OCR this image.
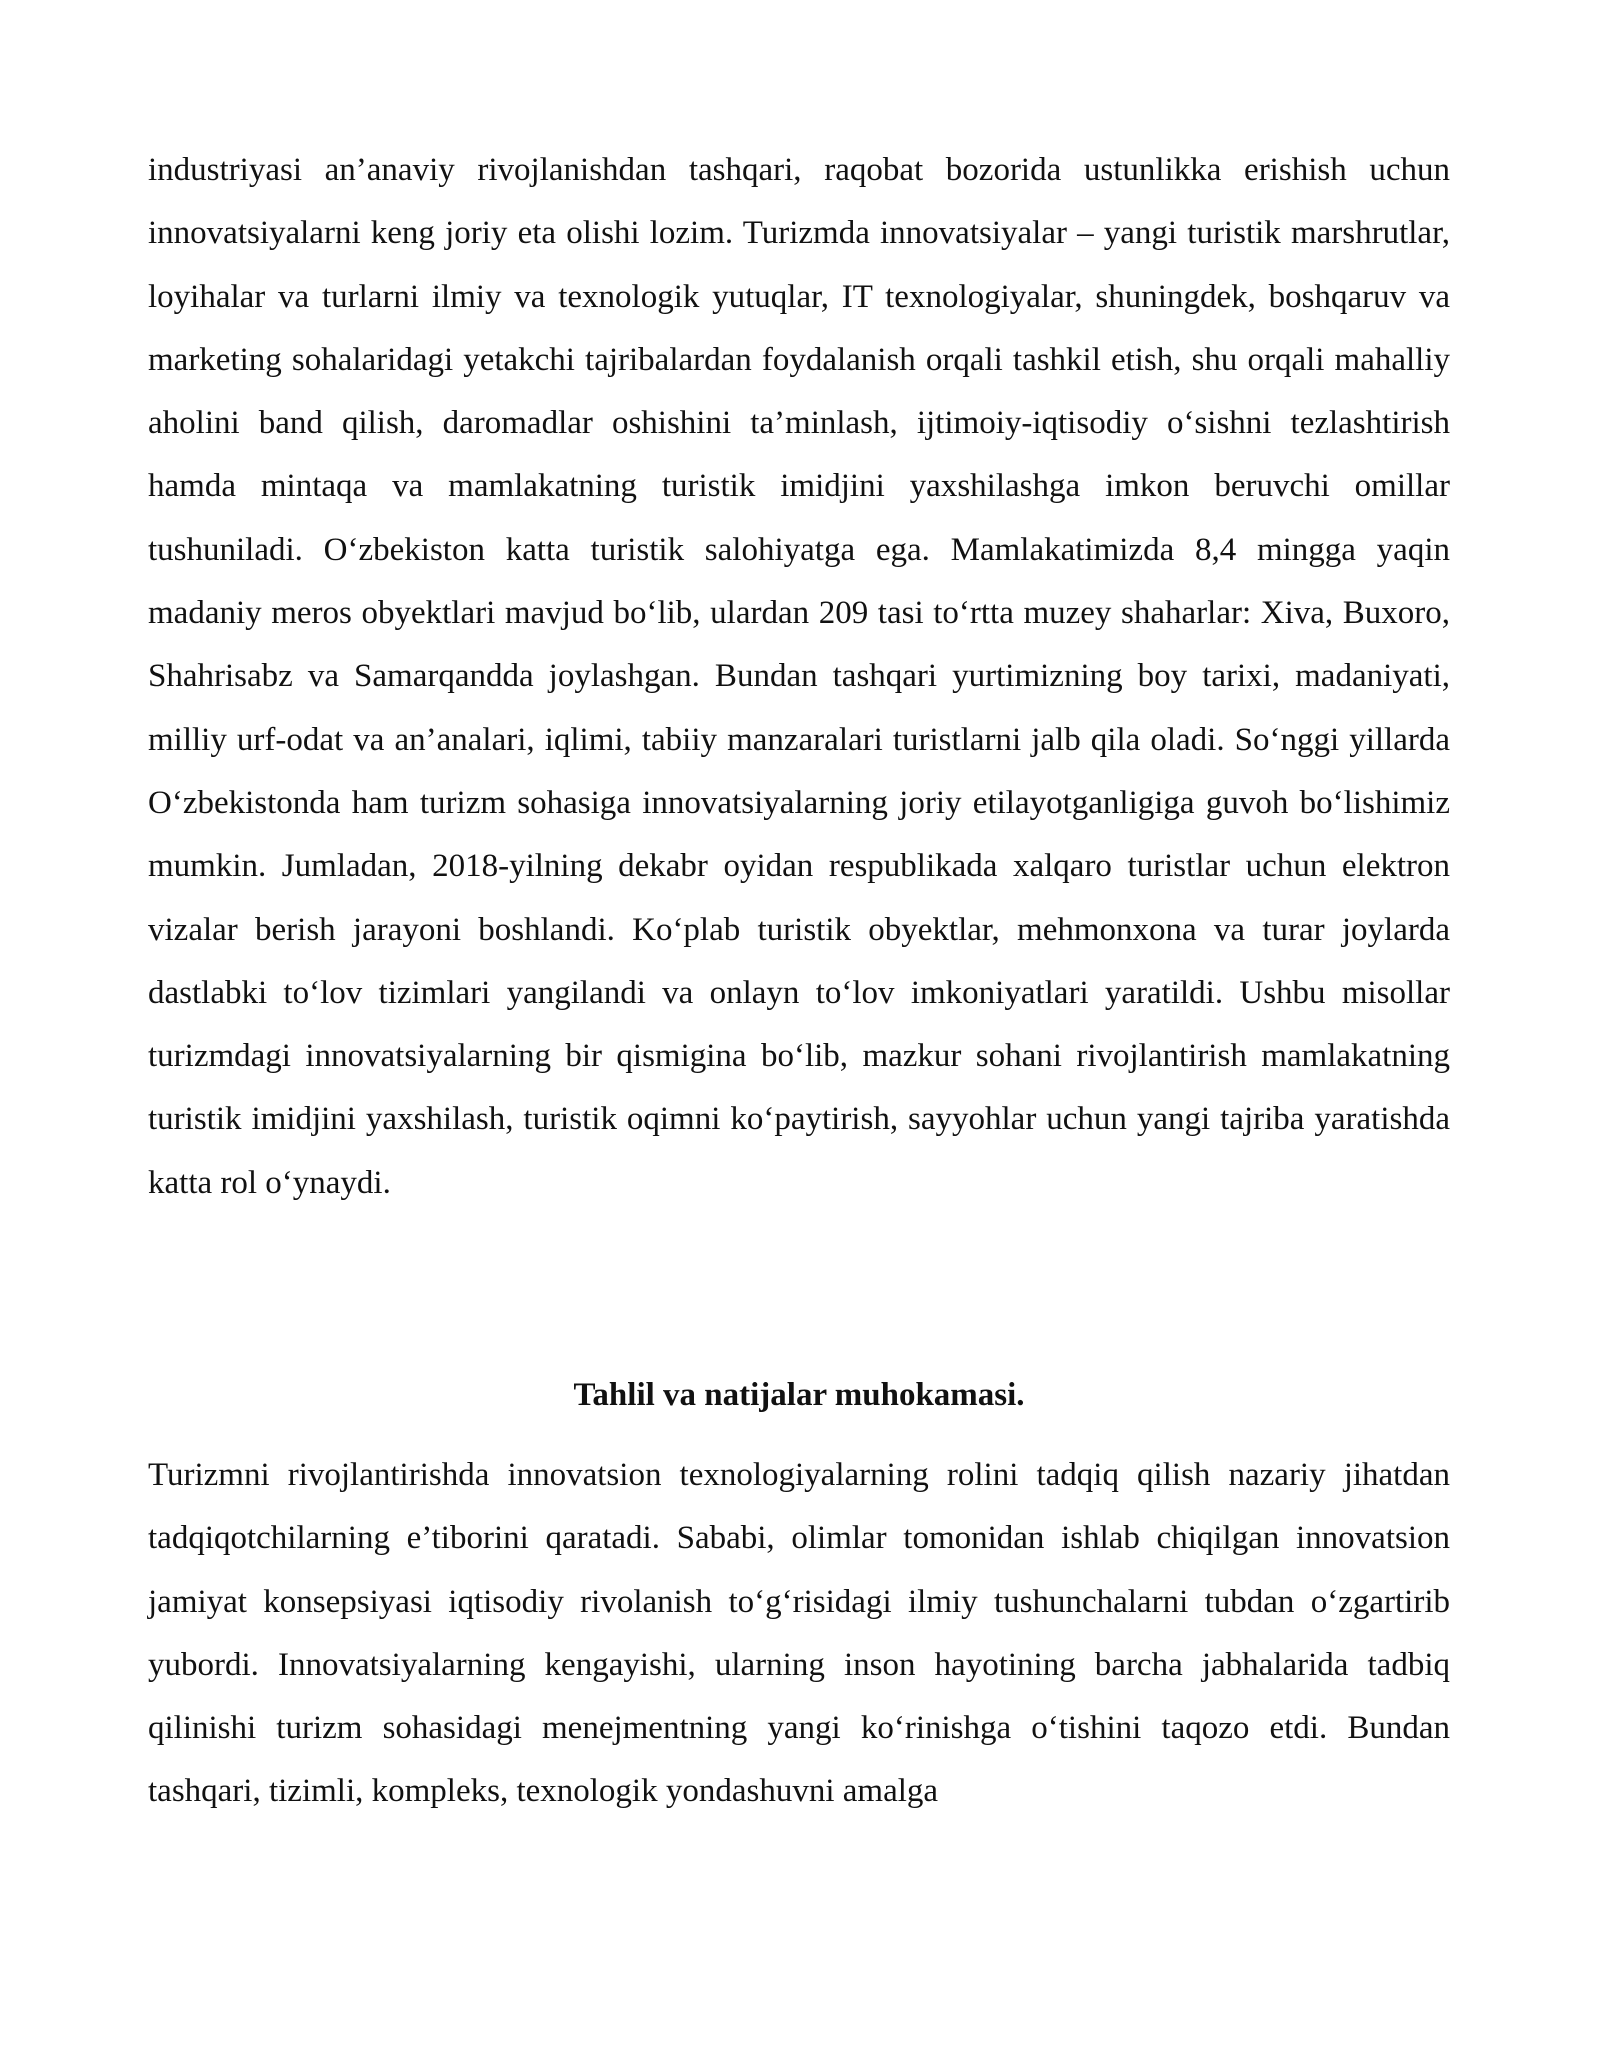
industriyasi an’anaviy rivojlanishdan tashqari, raqobat bozorida ustunlikka erishish uchun innovatsiyalarni keng joriy eta olishi lozim. Turizmda innovatsiyalar – yangi turistik marshrutlar, loyihalar va turlarni ilmiy va texnologik yutuqlar, IT texnologiyalar, shuningdek, boshqaruv va marketing sohalaridagi yetakchi tajribalardan foydalanish orqali tashkil etish, shu orqali mahalliy aholini band qilish, daromadlar oshishini ta’minlash, ijtimoiy-iqtisodiy o‘sishni tezlashtirish hamda mintaqa va mamlakatning turistik imidjini yaxshilashga imkon beruvchi omillar tushuniladi. O‘zbekiston katta turistik salohiyatga ega. Mamlakatimizda 8,4 mingga yaqin madaniy meros obyektlari mavjud bo‘lib, ulardan 209 tasi to‘rtta muzey shaharlar: Xiva, Buxoro, Shahrisabz va Samarqandda joylashgan. Bundan tashqari yurtimizning boy tarixi, madaniyati, milliy urf-odat va an’analari, iqlimi, tabiiy manzaralari turistlarni jalb qila oladi. So‘nggi yillarda O‘zbekistonda ham turizm sohasiga innovatsiyalarning joriy etilayotganligiga guvoh bo‘lishimiz mumkin. Jumladan, 2018-yilning dekabr oyidan respublikada xalqaro turistlar uchun elektron vizalar berish jarayoni boshlandi. Ko‘plab turistik obyektlar, mehmonxona va turar joylarda dastlabki to‘lov tizimlari yangilandi va onlayn to‘lov imkoniyatlari yaratildi. Ushbu misollar turizmdagi innovatsiyalarning bir qismigina bo‘lib, mazkur sohani rivojlantirish mamlakatning turistik imidjini yaxshilash, turistik oqimni ko‘paytirish, sayyohlar uchun yangi tajriba yaratishda katta rol o‘ynaydi.

Tahlil va natijalar muhokamasi.

Turizmni rivojlantirishda innovatsion texnologiyalarning rolini tadqiq qilish nazariy jihatdan tadqiqotchilarning e’tiborini qaratadi. Sababi, olimlar tomonidan ishlab chiqilgan innovatsion jamiyat konsepsiyasi iqtisodiy rivolanish to‘g‘risidagi ilmiy tushunchalarni tubdan o‘zgartirib yubordi. Innovatsiyalarning kengayishi, ularning inson hayotining barcha jabhalarida tadbiq qilinishi turizm sohasidagi menejmentning yangi ko‘rinishga o‘tishini taqozo etdi. Bundan tashqari, tizimli, kompleks, texnologik yondashuvni amalga
